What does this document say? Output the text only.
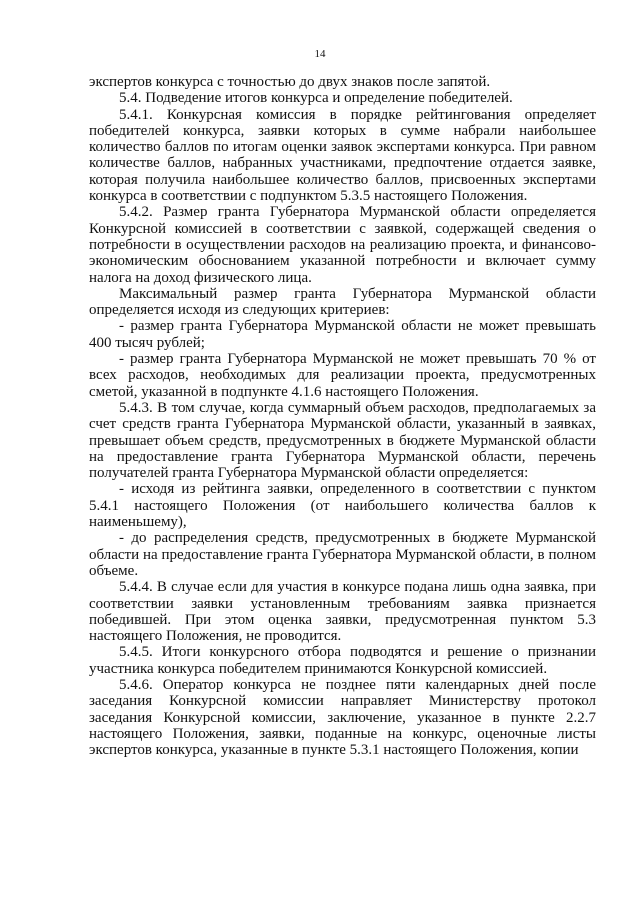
14

экспертов конкурса с точностью до двух знаков после запятой.

5.4. Подведение итогов конкурса и определение победителей.

5.4.1. Конкурсная комиссия в порядке рейтингования определяет победителей конкурса, заявки которых в сумме набрали наибольшее количество баллов по итогам оценки заявок экспертами конкурса. При равном количестве баллов, набранных участниками, предпочтение отдается заявке, которая получила наибольшее количество баллов, присвоенных экспертами конкурса в соответствии с подпунктом 5.3.5 настоящего Положения.

5.4.2. Размер гранта Губернатора Мурманской области определяется Конкурсной комиссией в соответствии с заявкой, содержащей сведения о потребности в осуществлении расходов на реализацию проекта, и финансово-экономическим обоснованием указанной потребности и включает сумму налога на доход физического лица.

Максимальный размер гранта Губернатора Мурманской области определяется исходя из следующих критериев:

- размер гранта Губернатора Мурманской области не может превышать 400 тысяч рублей;

- размер гранта Губернатора Мурманской не может превышать 70 % от всех расходов, необходимых для реализации проекта, предусмотренных сметой, указанной в подпункте 4.1.6 настоящего Положения.

5.4.3. В том случае, когда суммарный объем расходов, предполагаемых за счет средств гранта Губернатора Мурманской области, указанный в заявках, превышает объем средств, предусмотренных в бюджете Мурманской области на предоставление гранта Губернатора Мурманской области, перечень получателей гранта Губернатора Мурманской области определяется:

- исходя из рейтинга заявки, определенного в соответствии с пунктом 5.4.1 настоящего Положения (от наибольшего количества баллов к наименьшему),

- до распределения средств, предусмотренных в бюджете Мурманской области на предоставление гранта Губернатора Мурманской области, в полном объеме.

5.4.4. В случае если для участия в конкурсе подана лишь одна заявка, при соответствии заявки установленным требованиям заявка признается победившей. При этом оценка заявки, предусмотренная пунктом 5.3 настоящего Положения, не проводится.

5.4.5. Итоги конкурсного отбора подводятся и решение о признании участника конкурса победителем принимаются Конкурсной комиссией.

5.4.6. Оператор конкурса не позднее пяти календарных дней после заседания Конкурсной комиссии направляет Министерству протокол заседания Конкурсной комиссии, заключение, указанное в пункте 2.2.7 настоящего Положения, заявки, поданные на конкурс, оценочные листы экспертов конкурса, указанные в пункте 5.3.1 настоящего Положения, копии
